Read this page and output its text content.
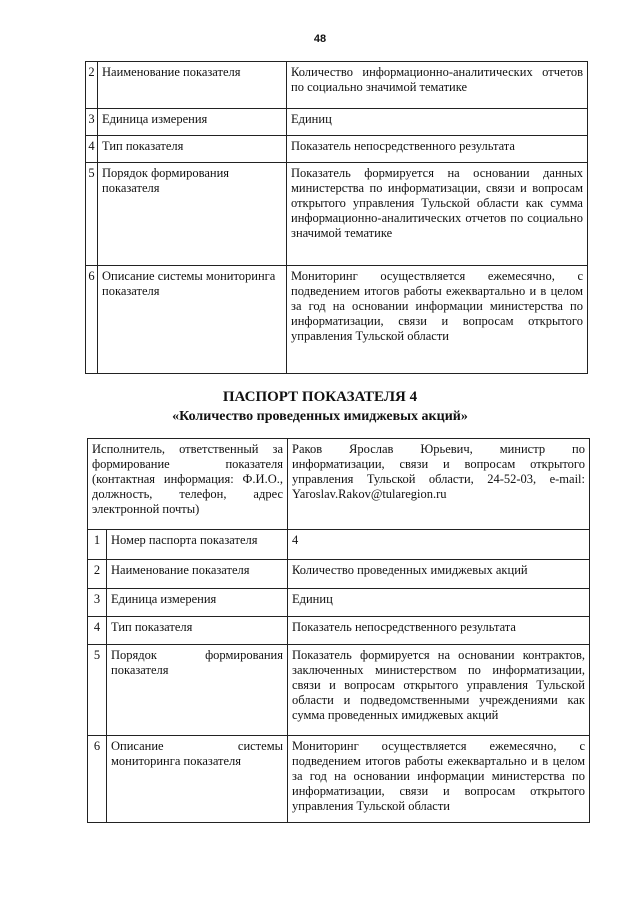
48
2	Наименование показателя	Количество информационно-аналитических отчетов по социально значимой тематике
3	Единица измерения	Единиц
4	Тип показателя	Показатель непосредственного результата
5	Порядок формирования показателя	Показатель формируется на основании данных министерства по информатизации, связи и вопросам открытого управления Тульской области как сумма информационно-аналитических отчетов по социально значимой тематике
6	Описание системы мониторинга показателя	Мониторинг осуществляется ежемесячно, с подведением итогов работы ежеквартально и в целом за год на основании информации министерства по информатизации, связи и вопросам открытого управления Тульской области
ПАСПОРТ ПОКАЗАТЕЛЯ 4
«Количество проведенных имиджевых акций»
Исполнитель, ответственный за формирование показателя (контактная информация: Ф.И.О., должность, телефон, адрес электронной почты)		Раков Ярослав Юрьевич, министр по информатизации, связи и вопросам открытого управления Тульской области, 24-52-03, e-mail: Yaroslav.Rakov@tularegion.ru
1	Номер паспорта показателя	4
2	Наименование показателя	Количество проведенных имиджевых акций
3	Единица измерения	Единиц
4	Тип показателя	Показатель непосредственного результата
5	Порядок формирования показателя	Показатель формируется на основании контрактов, заключенных министерством по информатизации, связи и вопросам открытого управления Тульской области и подведомственными учреждениями как сумма проведенных имиджевых акций
6	Описание системы мониторинга показателя	Мониторинг осуществляется ежемесячно, с подведением итогов работы ежеквартально и в целом за год на основании информации министерства по информатизации, связи и вопросам открытого управления Тульской области
